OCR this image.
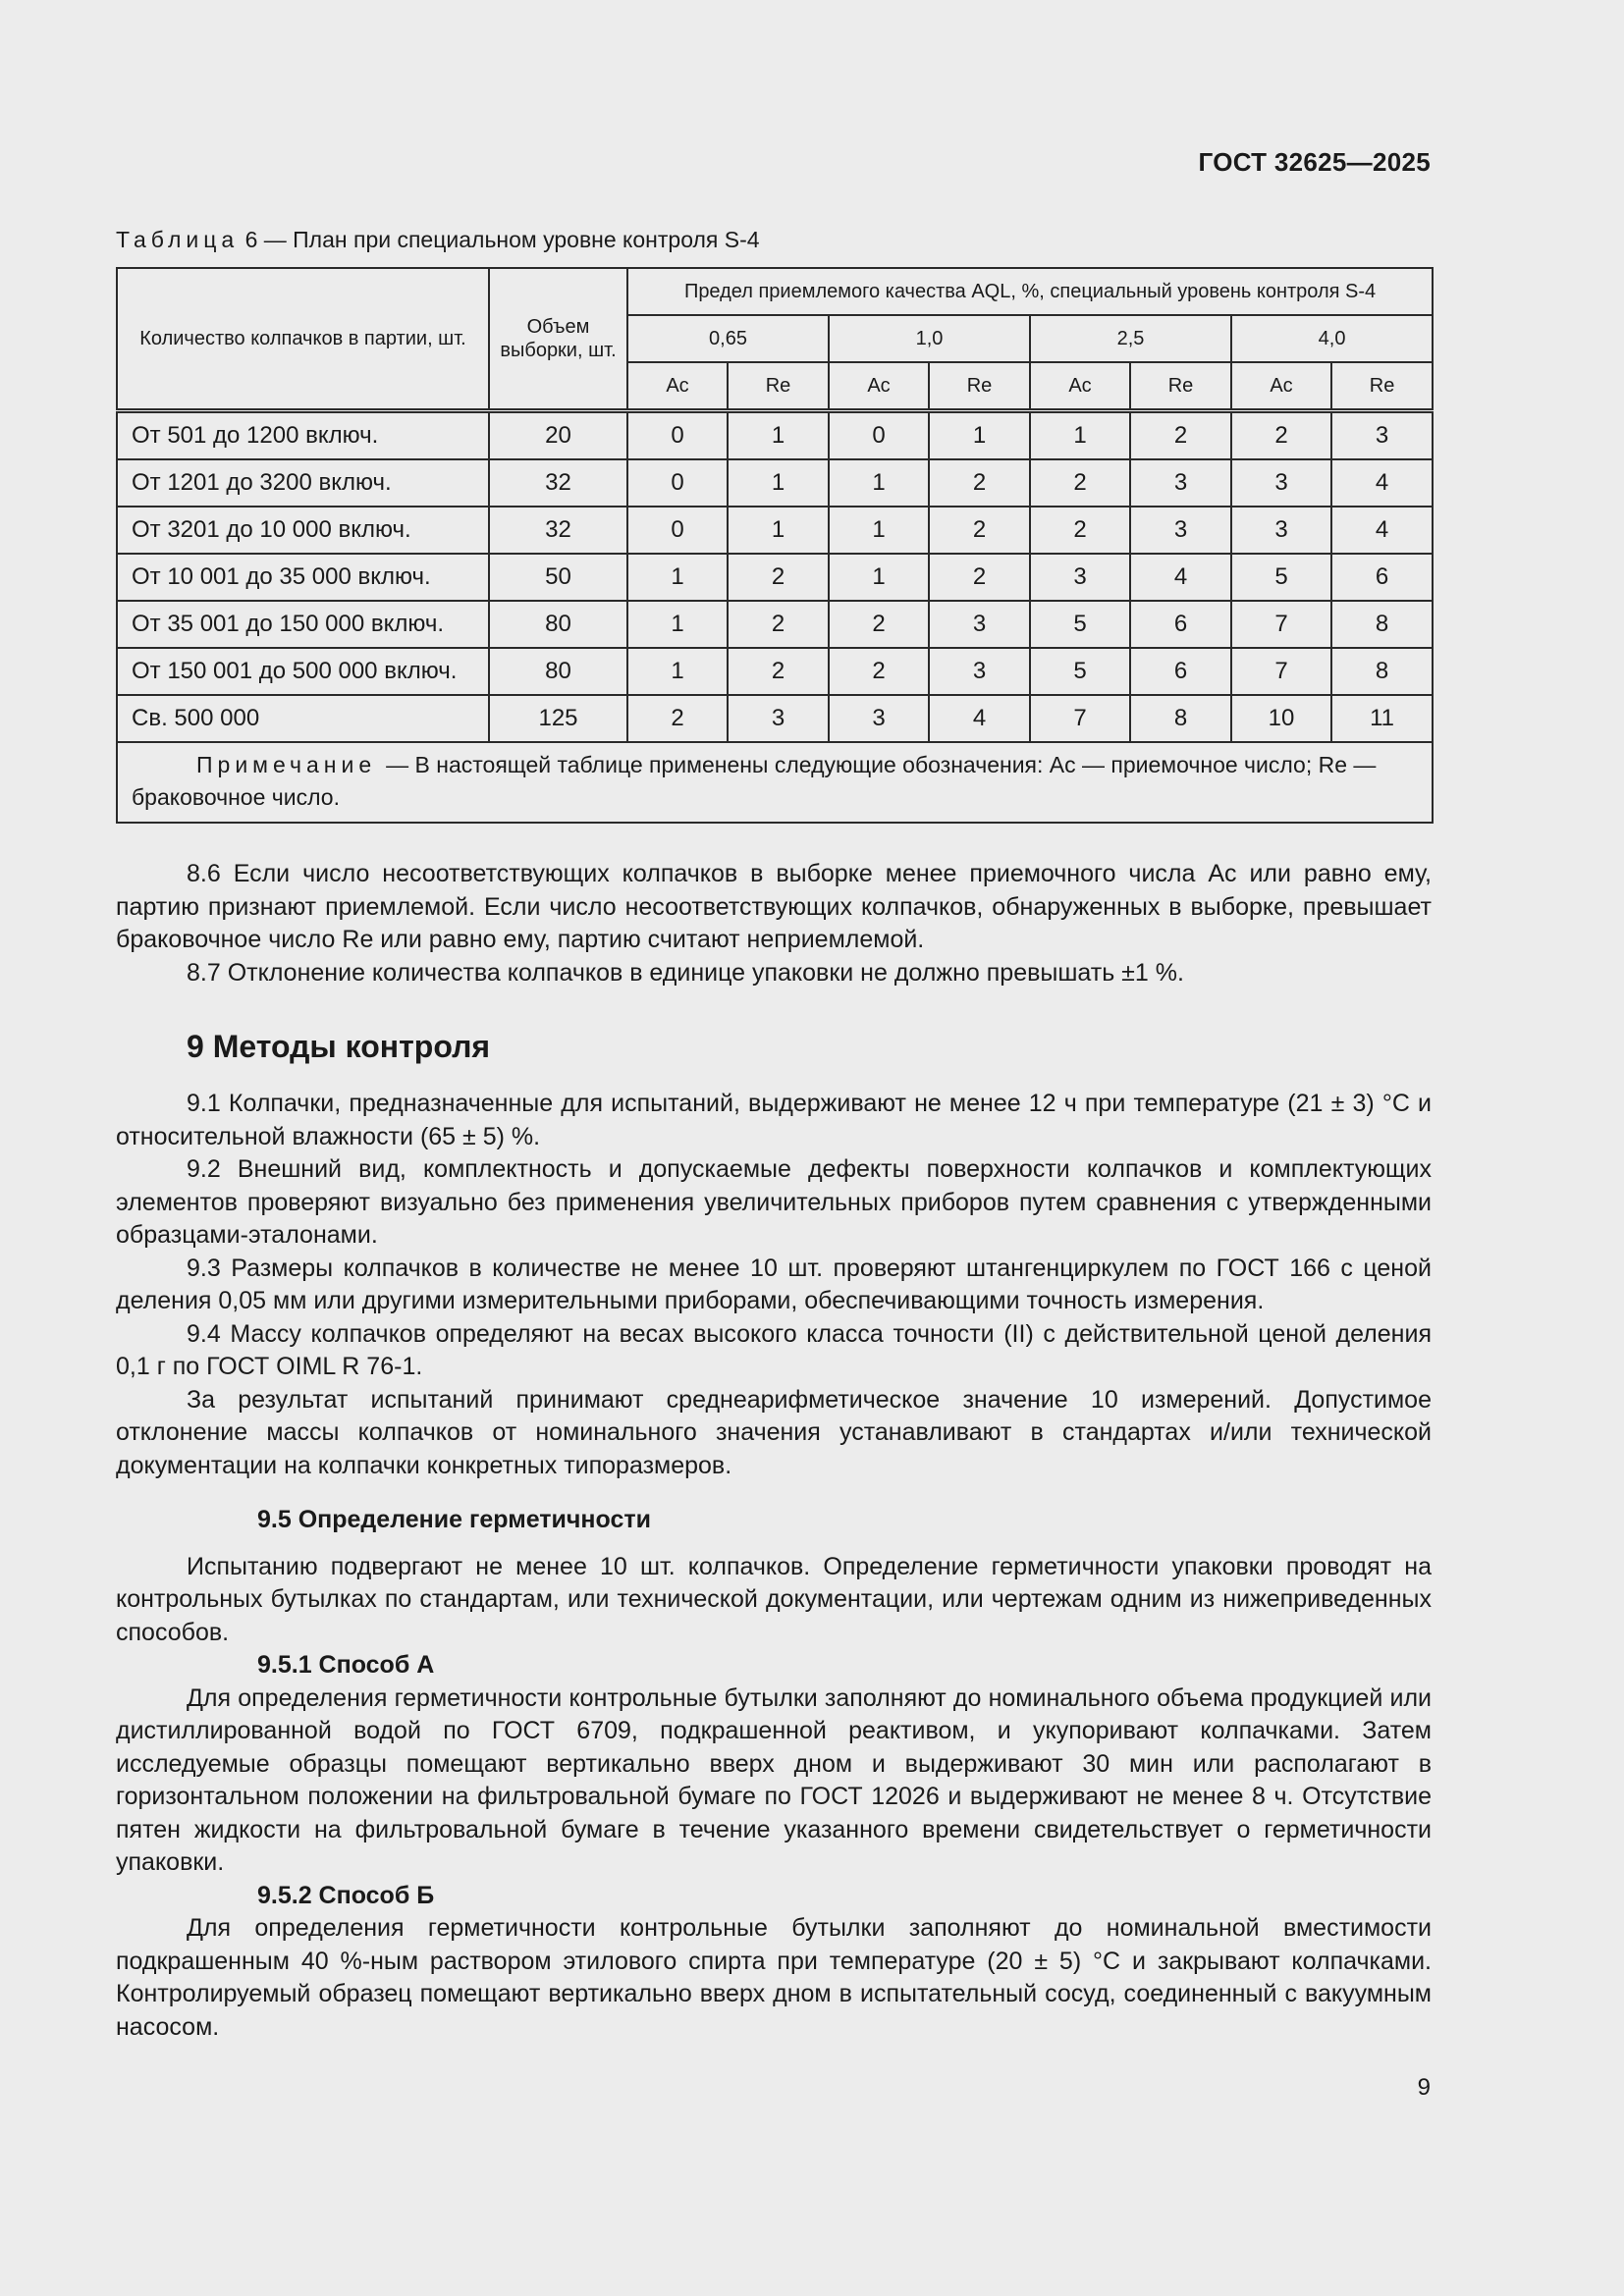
ГОСТ 32625—2025
Таблица 6 — План при специальном уровне контроля S-4
Количество колпачков в партии, шт.	Объем выборки, шт.	Предел приемлемого качества AQL, %, специальный уровень контроля S-4							
		0,65		1,0		2,5		4,0	
		Ac	Re	Ac	Re	Ac	Re	Ac	Re
От 501 до 1200 включ.	20	0	1	0	1	1	2	2	3
От 1201 до 3200 включ.	32	0	1	1	2	2	3	3	4
От 3201 до 10 000 включ.	32	0	1	1	2	2	3	3	4
От 10 001 до 35 000 включ.	50	1	2	1	2	3	4	5	6
От 35 001 до 150 000 включ.	80	1	2	2	3	5	6	7	8
От 150 001 до 500 000 включ.	80	1	2	2	3	5	6	7	8
Св. 500 000	125	2	3	3	4	7	8	10	11
Примечание — В настоящей таблице применены следующие обозначения: Ac — приемочное число; Re — браковочное число.									

8.6 Если число несоответствующих колпачков в выборке менее приемочного числа Ac или равно ему, партию признают приемлемой. Если число несоответствующих колпачков, обнаруженных в выборке, превышает браковочное число Re или равно ему, партию считают неприемлемой.

8.7 Отклонение количества колпачков в единице упаковки не должно превышать ±1 %.

9 Методы контроля

9.1 Колпачки, предназначенные для испытаний, выдерживают не менее 12 ч при температуре (21 ± 3) °С и относительной влажности (65 ± 5) %.

9.2 Внешний вид, комплектность и допускаемые дефекты поверхности колпачков и комплектующих элементов проверяют визуально без применения увеличительных приборов путем сравнения с утвержденными образцами-эталонами.

9.3 Размеры колпачков в количестве не менее 10 шт. проверяют штангенциркулем по ГОСТ 166 с ценой деления 0,05 мм или другими измерительными приборами, обеспечивающими точность измерения.

9.4 Массу колпачков определяют на весах высокого класса точности (II) с действительной ценой деления 0,1 г по ГОСТ OIML R 76-1.

За результат испытаний принимают среднеарифметическое значение 10 измерений. Допустимое отклонение массы колпачков от номинального значения устанавливают в стандартах и/или технической документации на колпачки конкретных типоразмеров.

9.5 Определение герметичности

Испытанию подвергают не менее 10 шт. колпачков. Определение герметичности упаковки проводят на контрольных бутылках по стандартам, или технической документации, или чертежам одним из нижеприведенных способов.

9.5.1 Способ А

Для определения герметичности контрольные бутылки заполняют до номинального объема продукцией или дистиллированной водой по ГОСТ 6709, подкрашенной реактивом, и укупоривают колпачками. Затем исследуемые образцы помещают вертикально вверх дном и выдерживают 30 мин или располагают в горизонтальном положении на фильтровальной бумаге по ГОСТ 12026 и выдерживают не менее 8 ч. Отсутствие пятен жидкости на фильтровальной бумаге в течение указанного времени свидетельствует о герметичности упаковки.

9.5.2 Способ Б

Для определения герметичности контрольные бутылки заполняют до номинальной вместимости подкрашенным 40 %-ным раствором этилового спирта при температуре (20 ± 5) °С и закрывают колпачками. Контролируемый образец помещают вертикально вверх дном в испытательный сосуд, соединенный с вакуумным насосом.

9
